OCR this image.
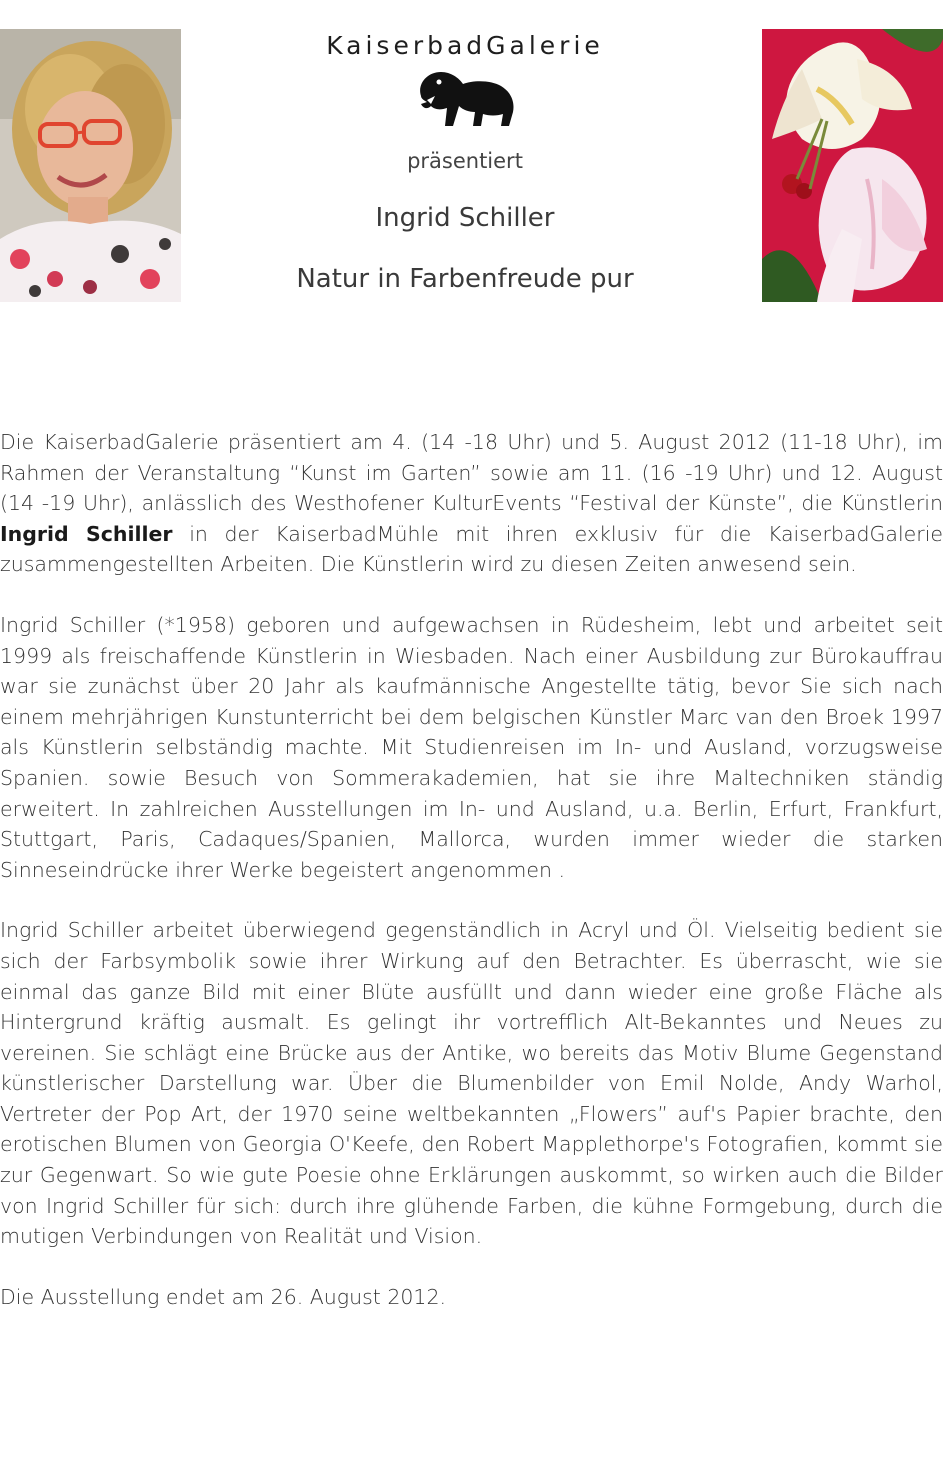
KaiserbadGalerie
präsentiert
Ingrid Schiller
Natur in Farbenfreude pur

Die KaiserbadGalerie präsentiert am 4. (14 -18 Uhr) und 5. August 2012 (11-18 Uhr), im Rahmen der Veranstaltung “Kunst im Garten” sowie am 11. (16 -19 Uhr) und 12. August (14 -19 Uhr), anlässlich des Westhofener KulturEvents “Festival der Künste”, die Künstlerin Ingrid Schiller in der KaiserbadMühle mit ihren exklusiv für die KaiserbadGalerie zusammengestellten Arbeiten. Die Künstlerin wird zu diesen Zeiten anwesend sein.

Ingrid Schiller (*1958) geboren und aufgewachsen in Rüdesheim, lebt und arbeitet seit 1999 als freischaffende Künstlerin in Wiesbaden. Nach einer Ausbildung zur Bürokauffrau war sie zunächst über 20 Jahr als kaufmännische Angestellte tätig, bevor Sie sich nach einem mehrjährigen Kunstunterricht bei dem belgischen Künstler Marc van den Broek 1997 als Künstlerin selbständig machte. Mit Studienreisen im In- und Ausland, vorzugsweise Spanien. sowie Besuch von Sommerakademien, hat sie ihre Maltechniken ständig erweitert. In zahlreichen Ausstellungen im In- und Ausland, u.a. Berlin, Erfurt, Frankfurt, Stuttgart, Paris, Cadaques/Spanien, Mallorca, wurden immer wieder die starken Sinneseindrücke ihrer Werke begeistert angenommen .

Ingrid Schiller arbeitet überwiegend gegenständlich in Acryl und Öl. Vielseitig bedient sie sich der Farbsymbolik sowie ihrer Wirkung auf den Betrachter. Es überrascht, wie sie einmal das ganze Bild mit einer Blüte ausfüllt und dann wieder eine große Fläche als Hintergrund kräftig ausmalt. Es gelingt ihr vortrefflich Alt-Bekanntes und Neues zu vereinen. Sie schlägt eine Brücke aus der Antike, wo bereits das Motiv Blume Gegenstand künstlerischer Darstellung war. Über die Blumenbilder von Emil Nolde, Andy Warhol, Vertreter der Pop Art, der 1970 seine weltbekannten „Flowers” auf's Papier brachte, den erotischen Blumen von Georgia O'Keefe, den Robert Mapplethorpe's Fotografien, kommt sie zur Gegenwart. So wie gute Poesie ohne Erklärungen auskommt, so wirken auch die Bilder von Ingrid Schiller für sich: durch ihre glühende Farben, die kühne Formgebung, durch die mutigen Verbindungen von Realität und Vision.

Die Ausstellung endet am 26. August 2012.
